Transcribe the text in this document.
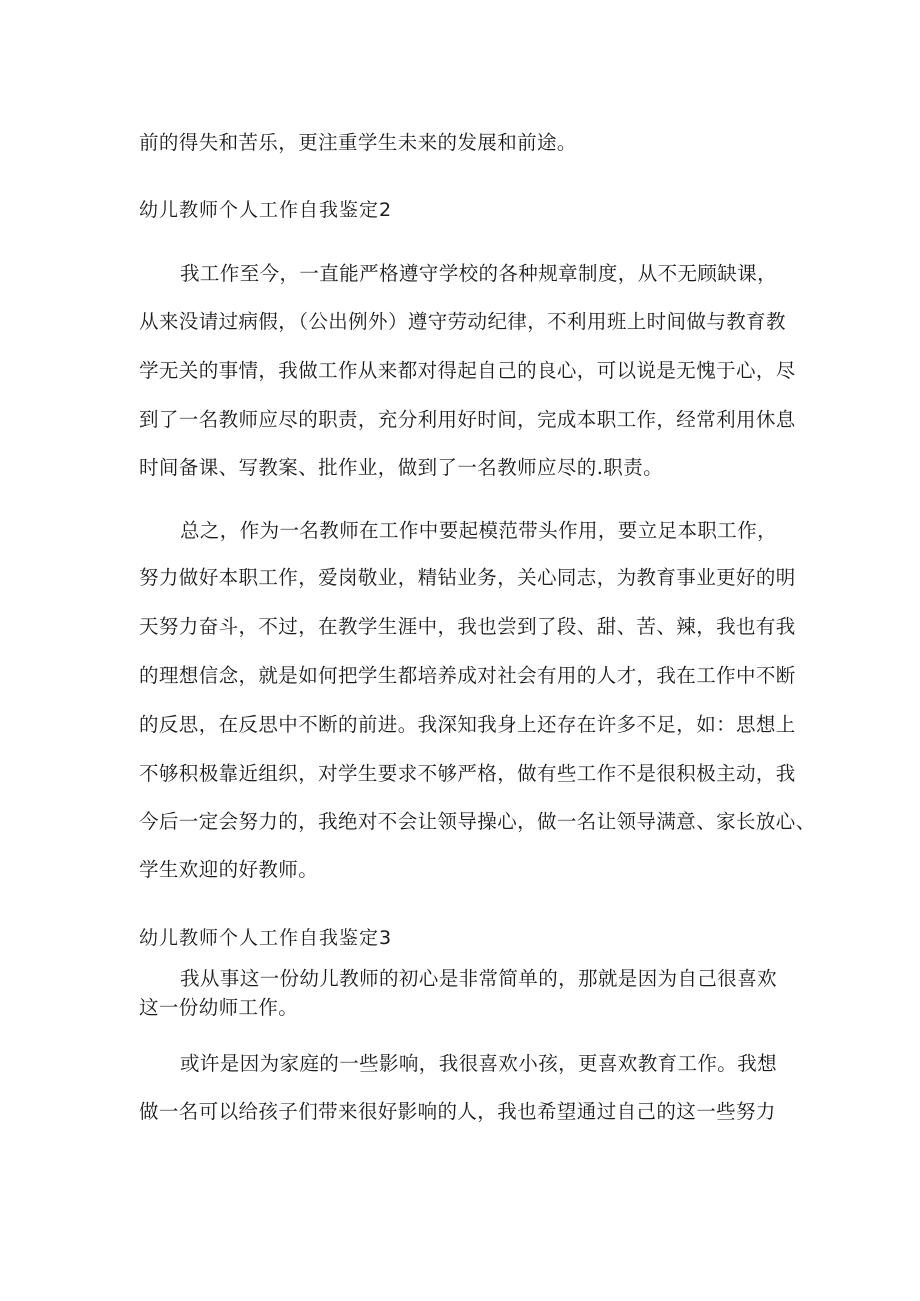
前的得失和苦乐，更注重学生未来的发展和前途。
幼儿教师个人工作自我鉴定2
我工作至今，一直能严格遵守学校的各种规章制度，从不无顾缺课，
从来没请过病假，（公出例外）遵守劳动纪律，不利用班上时间做与教育教
学无关的事情，我做工作从来都对得起自己的良心，可以说是无愧于心，尽
到了一名教师应尽的职责，充分利用好时间，完成本职工作，经常利用休息
时间备课、写教案、批作业，做到了一名教师应尽的.职责。
总之，作为一名教师在工作中要起模范带头作用，要立足本职工作，
努力做好本职工作，爱岗敬业，精钻业务，关心同志，为教育事业更好的明
天努力奋斗，不过，在教学生涯中，我也尝到了段、甜、苦、辣，我也有我
的理想信念，就是如何把学生都培养成对社会有用的人才，我在工作中不断
的反思，在反思中不断的前进。我深知我身上还存在许多不足，如：思想上
不够积极靠近组织，对学生要求不够严格，做有些工作不是很积极主动，我
今后一定会努力的，我绝对不会让领导操心，做一名让领导满意、家长放心、
学生欢迎的好教师。
幼儿教师个人工作自我鉴定3
我从事这一份幼儿教师的初心是非常简单的，那就是因为自己很喜欢
这一份幼师工作。
或许是因为家庭的一些影响，我很喜欢小孩，更喜欢教育工作。我想
做一名可以给孩子们带来很好影响的人，我也希望通过自己的这一些努力
